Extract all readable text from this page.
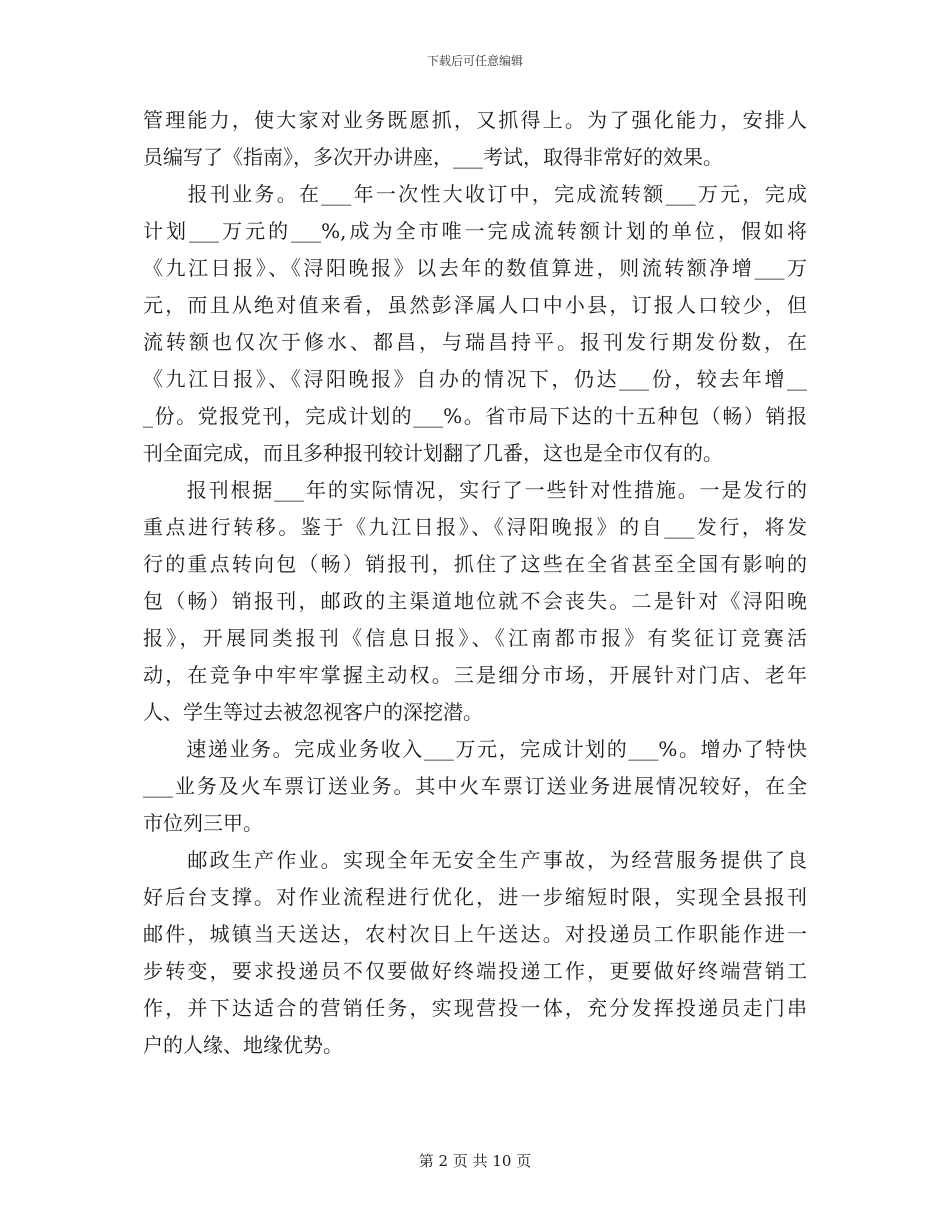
下载后可任意编辑
管理能力，使大家对业务既愿抓，又抓得上。为了强化能力，安排人
员编写了《指南》，多次开办讲座，___考试，取得非常好的效果。
　　报刊业务。在___年一次性大收订中，完成流转额___万元，完成
计划___万元的___%,成为全市唯一完成流转额计划的单位，假如将
《九江日报》、《浔阳晚报》以去年的数值算进，则流转额净增___万
元，而且从绝对值来看，虽然彭泽属人口中小县，订报人口较少，但
流转额也仅次于修水、都昌，与瑞昌持平。报刊发行期发份数，在
《九江日报》、《浔阳晚报》自办的情况下，仍达___份，较去年增__
_份。党报党刊，完成计划的___%。省市局下达的十五种包（畅）销报
刊全面完成，而且多种报刊较计划翻了几番，这也是全市仅有的。
　　报刊根据___年的实际情况，实行了一些针对性措施。一是发行的
重点进行转移。鉴于《九江日报》、《浔阳晚报》的自___发行，将发
行的重点转向包（畅）销报刊，抓住了这些在全省甚至全国有影响的
包（畅）销报刊，邮政的主渠道地位就不会丧失。二是针对《浔阳晚
报》，开展同类报刊《信息日报》、《江南都市报》有奖征订竞赛活
动，在竞争中牢牢掌握主动权。三是细分市场，开展针对门店、老年
人、学生等过去被忽视客户的深挖潜。
　　速递业务。完成业务收入___万元，完成计划的___%。增办了特快
___业务及火车票订送业务。其中火车票订送业务进展情况较好，在全
市位列三甲。
　　邮政生产作业。实现全年无安全生产事故，为经营服务提供了良
好后台支撑。对作业流程进行优化，进一步缩短时限，实现全县报刊
邮件，城镇当天送达，农村次日上午送达。对投递员工作职能作进一
步转变，要求投递员不仅要做好终端投递工作，更要做好终端营销工
作，并下达适合的营销任务，实现营投一体，充分发挥投递员走门串
户的人缘、地缘优势。
第 2 页 共 10 页
